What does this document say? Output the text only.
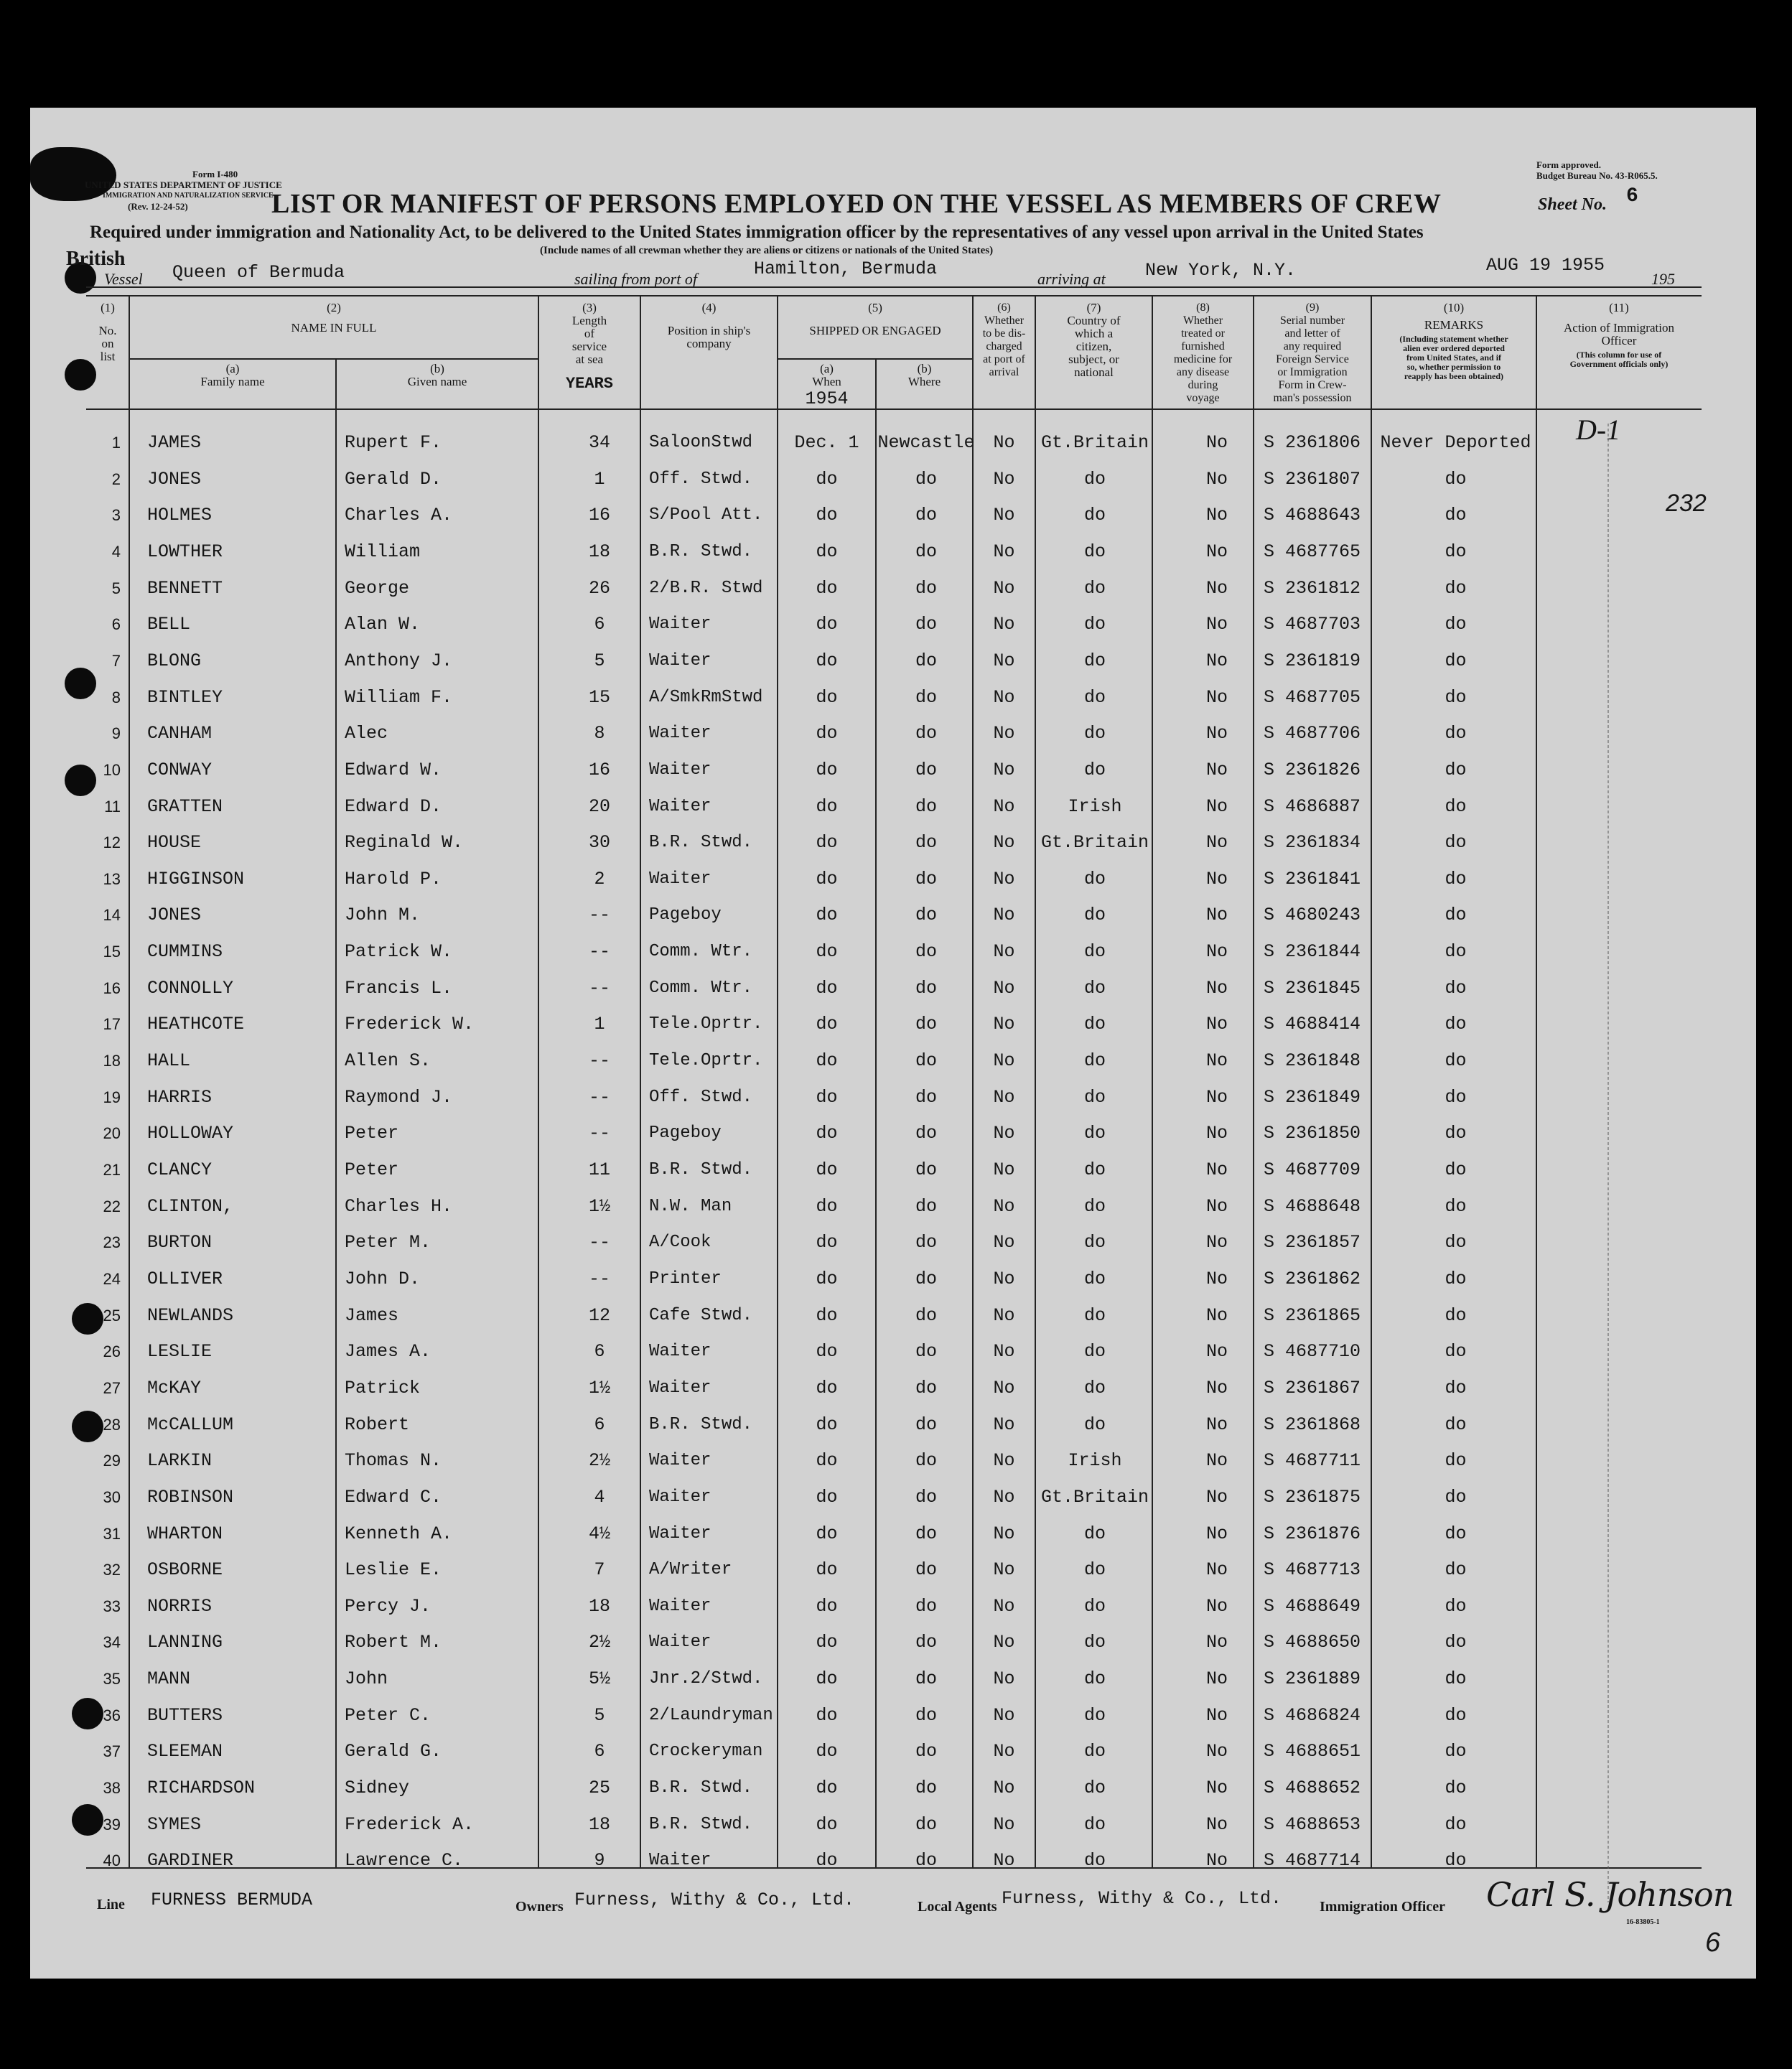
Form I-480
UNITED STATES DEPARTMENT OF JUSTICE
IMMIGRATION AND NATURALIZATION SERVICE
(Rev. 12-24-52)
Form approved.
Budget Bureau No. 43-R065.5.
LIST OR MANIFEST OF PERSONS EMPLOYED ON THE VESSEL AS MEMBERS OF CREW	Sheet No. 6
Required under immigration and Nationality Act, to be delivered to the United States immigration officer by the representatives of any vessel upon arrival in the United States
(Include names of all crewman whether they are aliens or citizens or nationals of the United States)
British
Vessel Queen of Bermuda	sailing from port of	Hamilton, Bermuda	arriving at New York, N.Y.	AUG 19 1955
195
(1)
No.
on
list
(2)
NAME IN FULL
(a)
Family name
(b)
Given name
(3)
Length
of
service
at sea
YEARS
(4)
Position in ship's
company
(5)
SHIPPED OR ENGAGED
(a)
When
1954
(b)
Where
(6)
Whether
to be dis-
charged
at port of
arrival
(7)
Country of
which a
citizen,
subject, or
national
(8)
Whether
treated or
furnished
medicine for
any disease
during
voyage
(9)
Serial number
and letter of
any required
Foreign Service
or Immigration
Form in Crew-
man's possession
(10)
REMARKS
(Including statement whether
alien ever ordered deported
from United States, and if
so, whether permission to
reapply has been obtained)
(11)
Action of Immigration
Officer
(This column for use of
Government officials only)
1 JAMES	Rupert F.	34	SaloonStwd	Dec. 1	Newcastle	No	Gt.Britain	No	S 2361806	Never Deported
2 JONES	Gerald D.	1	Off. Stwd.	do	do	No	do	No	S 2361807	do
3 HOLMES	Charles A.	16	S/Pool Att.	do	do	No	do	No	S 4688643	do
4 LOWTHER	William	18	B.R. Stwd.	do	do	No	do	No	S 4687765	do
5 BENNETT	George	26	2/B.R. Stwd	do	do	No	do	No	S 2361812	do
6 BELL	Alan W.	6	Waiter	do	do	No	do	No	S 4687703	do
7 BLONG	Anthony J.	5	Waiter	do	do	No	do	No	S 2361819	do
8 BINTLEY	William F.	15	A/SmkRmStwd	do	do	No	do	No	S 4687705	do
9 CANHAM	Alec	8	Waiter	do	do	No	do	No	S 4687706	do
10 CONWAY	Edward W.	16	Waiter	do	do	No	do	No	S 2361826	do
11 GRATTEN	Edward D.	20	Waiter	do	do	No	Irish	No	S 4686887	do
12 HOUSE	Reginald W.	30	B.R. Stwd.	do	do	No	Gt.Britain	No	S 2361834	do
13 HIGGINSON	Harold P.	2	Waiter	do	do	No	do	No	S 2361841	do
14 JONES	John M.	--	Pageboy	do	do	No	do	No	S 4680243	do
15 CUMMINS	Patrick W.	--	Comm. Wtr.	do	do	No	do	No	S 2361844	do
16 CONNOLLY	Francis L.	--	Comm. Wtr.	do	do	No	do	No	S 2361845	do
17 HEATHCOTE	Frederick W.	1	Tele.Oprtr.	do	do	No	do	No	S 4688414	do
18 HALL	Allen S.	--	Tele.Oprtr.	do	do	No	do	No	S 2361848	do
19 HARRIS	Raymond J.	--	Off. Stwd.	do	do	No	do	No	S 2361849	do
20 HOLLOWAY	Peter	--	Pageboy	do	do	No	do	No	S 2361850	do
21 CLANCY	Peter	11	B.R. Stwd.	do	do	No	do	No	S 4687709	do
22 CLINTON,	Charles H.	1½	N.W. Man	do	do	No	do	No	S 4688648	do
23 BURTON	Peter M.	--	A/Cook	do	do	No	do	No	S 2361857	do
24 OLLIVER	John D.	--	Printer	do	do	No	do	No	S 2361862	do
25 NEWLANDS	James	12	Cafe Stwd.	do	do	No	do	No	S 2361865	do
26 LESLIE	James A.	6	Waiter	do	do	No	do	No	S 4687710	do
27 McKAY	Patrick	1½	Waiter	do	do	No	do	No	S 2361867	do
28 McCALLUM	Robert	6	B.R. Stwd.	do	do	No	do	No	S 2361868	do
29 LARKIN	Thomas N.	2½	Waiter	do	do	No	Irish	No	S 4687711	do
30 ROBINSON	Edward C.	4	Waiter	do	do	No	Gt.Britain	No	S 2361875	do
31 WHARTON	Kenneth A.	4½	Waiter	do	do	No	do	No	S 2361876	do
32 OSBORNE	Leslie E.	7	A/Writer	do	do	No	do	No	S 4687713	do
33 NORRIS	Percy J.	18	Waiter	do	do	No	do	No	S 4688649	do
34 LANNING	Robert M.	2½	Waiter	do	do	No	do	No	S 4688650	do
35 MANN	John	5½	Jnr.2/Stwd.	do	do	No	do	No	S 2361889	do
36 BUTTERS	Peter C.	5	2/Laundryman	do	do	No	do	No	S 4686824	do
37 SLEEMAN	Gerald G.	6	Crockeryman	do	do	No	do	No	S 4688651	do
38 RICHARDSON	Sidney	25	B.R. Stwd.	do	do	No	do	No	S 4688652	do
39 SYMES	Frederick A.	18	B.R. Stwd.	do	do	No	do	No	S 4688653	do
40 GARDINER	Lawrence C.	9	Waiter	do	do	No	do	No	S 4687714	do
D-1
232
Line FURNESS BERMUDA	Owners Furness, Withy & Co., Ltd.	Local Agents Furness, Withy & Co., Ltd.	Immigration Officer Carl S. Johnson
16-83805-1
6
